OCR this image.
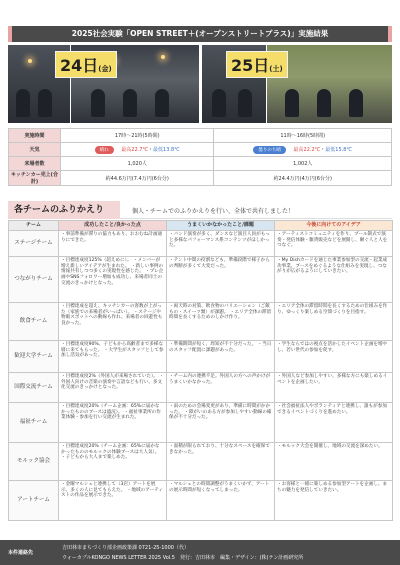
2025社会実験「OPEN STREET＋(オープンストリートプラス)」実施結果
24日(金)	25日(土)
実施時間	17時〜21時(5時間)	11時〜16時(5時間)
天気	晴れ 最高22.7℃・最低13.8℃	曇りのち晴 最高22.2℃・最低15.8℃
来場者数	1,020人	1,002人
キッチンカー売上(合計)	約44.6万円(7.4万円(6台分)	約24.4万円(4万円(6台分)
各チームのふりかえり	個人・チームでのふりかえりを行い、全体で共有しました！
チーム	成功したこと/良かった点	うまくいかなかったこと/課題	今後に向けてのアイデア
ステージチーム	・事前準備が滞りの協力もあり、おおむね計画通りにできた。	・バンド演奏が多く、ダンスなど演目人員がもっと多様なパフォーマンス系コンテンツがほしかった。	・アーティストコミュニティを作り、プール制式で演奏・発信体験・雑貨販売などを展開し、継ぐ人と人をつなぐ。
つながりチーム	・目標達成度125%（超えめに）。 ・メンバーが増え新しいアイデアが生まれた。 ・新しい事例の情報共有しつつ多くの実現性を感じた。 ・プレ企画やSNSフォロワー増加も成功し、来場者同士の交流のきっかけとなった。	・テント中間の役割なども、準備段階で様子からの判断が多くて大変だった。	・My Dishカードを通じた事業参加型の交流・起業成功事業、ブースをめぐるような仕組みを実現し、つながりが広がるようにしていきたい。
飲食チーム	・目標達成を超え、キッチンカーの客数が上がった（家族での来場者がいっぱい）。 ・ステージや物販スポットへの動線も作れ、来場者の回遊性も良かった。	・両天時の対策、飲食物のバリエーション（ご飯もの・スイーツ類）が課題。 ・エリア全体の滞留時間を長くするためのしかけ作り。	・エリア全体の滞留時間を長くするための仕組みを作り、ゆっくり楽しめる空間づくりを目指す。
歓迎大学チーム	・目標達成度90%、子どもから高齢者まで多様な層に来てもらった。 ・大学生がスタッフとして参加し活気があった。	・準備期間が短く、周知が不十分だった。 ・当日のスタッフ配置に課題があった。	・学生ならではの視点を活かしたイベント企画を増やし、若い世代の参加を促す。
国際交流チーム	・目標達成度2%（外国人が来場されていた）。 ・外国人向けの音楽の演奏や言語なども行い、多文化交流のきっかけとなった。	・チーム内の連携不足。外国人の方への声かけがうまくいかなかった。	・外国人など参加しやすい、多様な方にも楽しめるイベントを企画したい。
福祉チーム	・目標達成度20%（チーム企画：65%に届かなかったもののブースは盛況）。 ・福祉事業所の作業体験・参加を行い交流が生まれた。	・雨のための会場変更があり、準備に時間がかかった。 ・障がいのある方が参加しやすい動線の確保が不十分だった。	・社会福祉法人やボランティアと連携し、誰もが参加できるイベントづくりを進めたい。
モルック協会	・目標達成度20%（チーム企画：65%に届かなかったもののモルックの体験ブースは大人気）。 ・子どもから大人まで楽しめた。	・面積が限られており、十分なスペースを確保できなかった。	・モルック大会を開催し、地域の交流を深めたい。
アートチーム	・金曜マルシェと連携して（3店）アートを展示、多くの人に見てもらえた。 ・地域のアーティストの作品を展示できた。	・マルシェとの時間調整がうまくいかず、アートの展示時間が短くなってしまった。	・お客様と一緒に楽しめる参加型アートを企画し、まちの魅力を発信していきたい。
本件連絡先
吉田林市まちづくり部企画政策課 0721-25-1000（代）
ウォーカブルKONGO NEWS LETTER 2025 Vol.5　発行：吉田林市　編集・デザイン：(株)テン計画研究所
